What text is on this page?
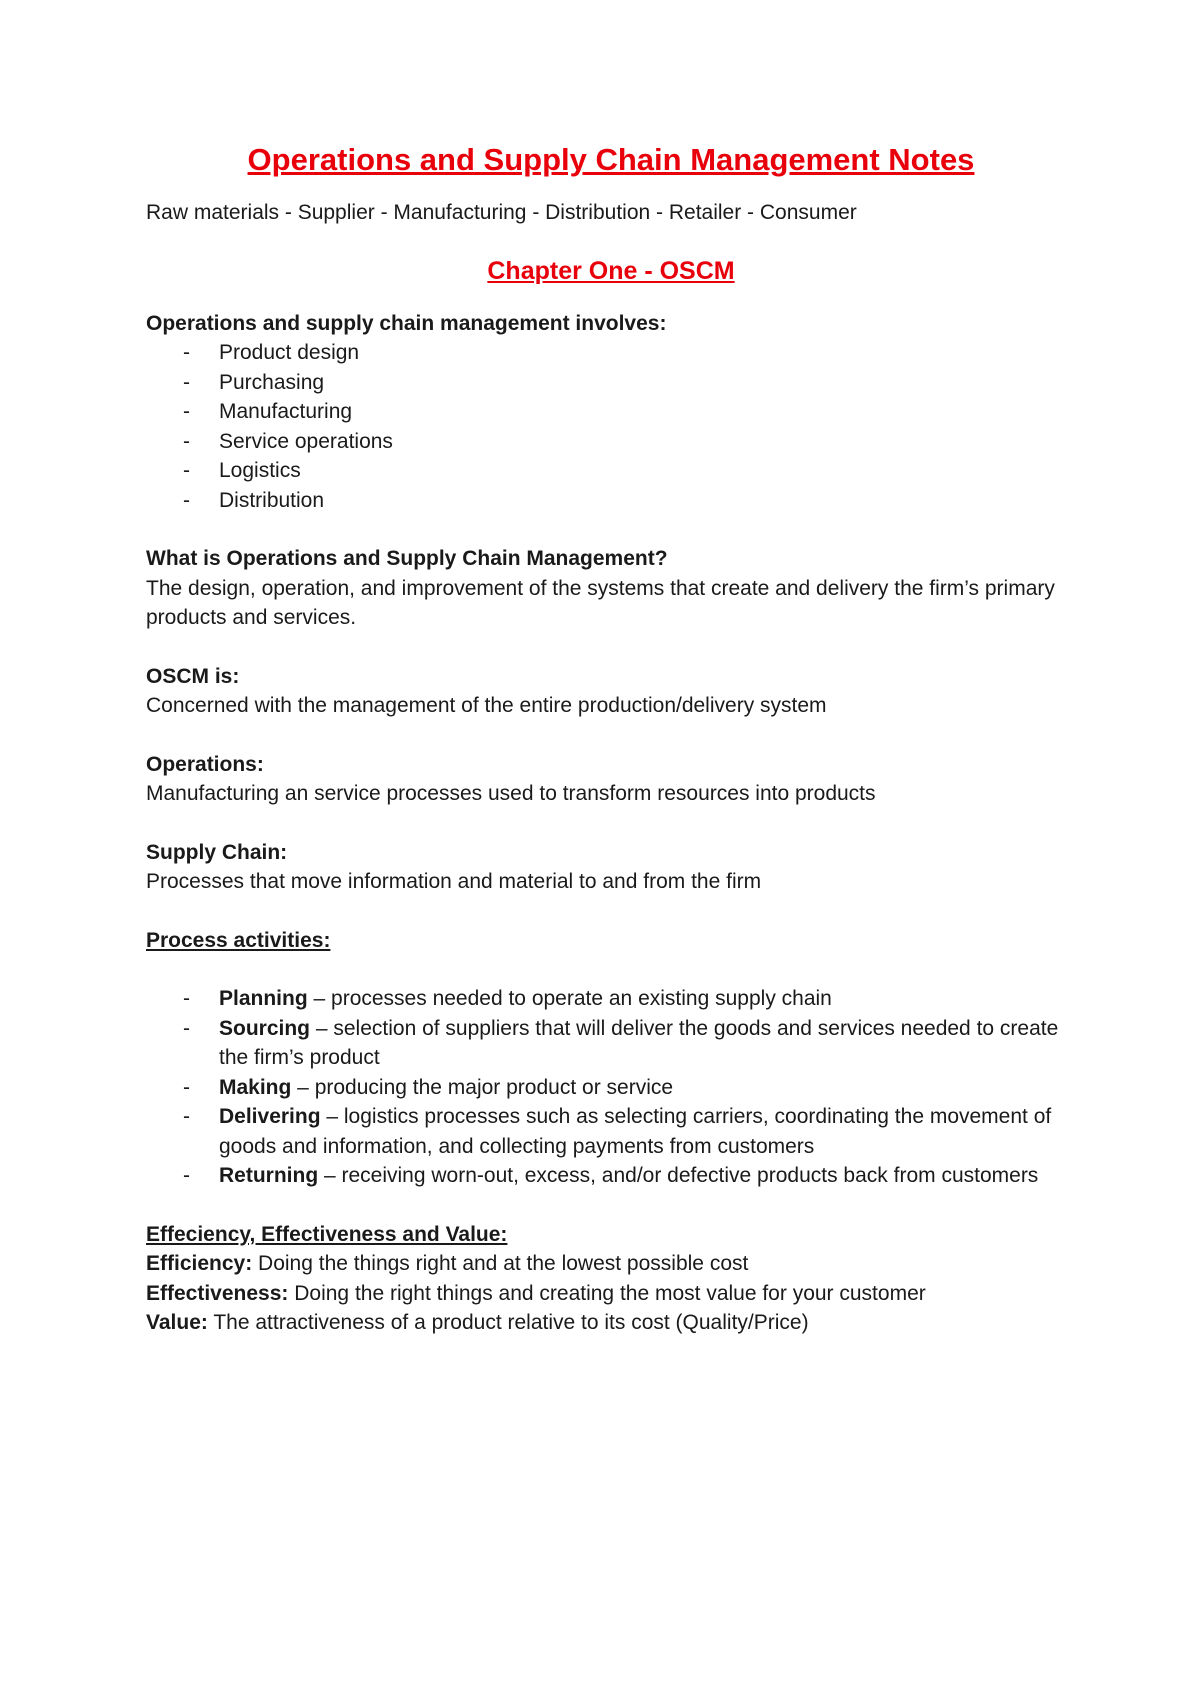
Operations and Supply Chain Management Notes
Raw materials - Supplier - Manufacturing - Distribution - Retailer - Consumer
Chapter One - OSCM
Operations and supply chain management involves:
- Product design
- Purchasing
- Manufacturing
- Service operations
- Logistics
- Distribution
What is Operations and Supply Chain Management?
The design, operation, and improvement of the systems that create and delivery the firm’s primary products and services.
OSCM is:
Concerned with the management of the entire production/delivery system
Operations:
Manufacturing an service processes used to transform resources into products
Supply Chain:
Processes that move information and material to and from the firm
Process activities:
- Planning – processes needed to operate an existing supply chain
- Sourcing – selection of suppliers that will deliver the goods and services needed to create the firm’s product
- Making – producing the major product or service
- Delivering – logistics processes such as selecting carriers, coordinating the movement of goods and information, and collecting payments from customers
- Returning – receiving worn-out, excess, and/or defective products back from customers
Effeciency, Effectiveness and Value:
Efficiency: Doing the things right and at the lowest possible cost
Effectiveness: Doing the right things and creating the most value for your customer
Value: The attractiveness of a product relative to its cost (Quality/Price)
